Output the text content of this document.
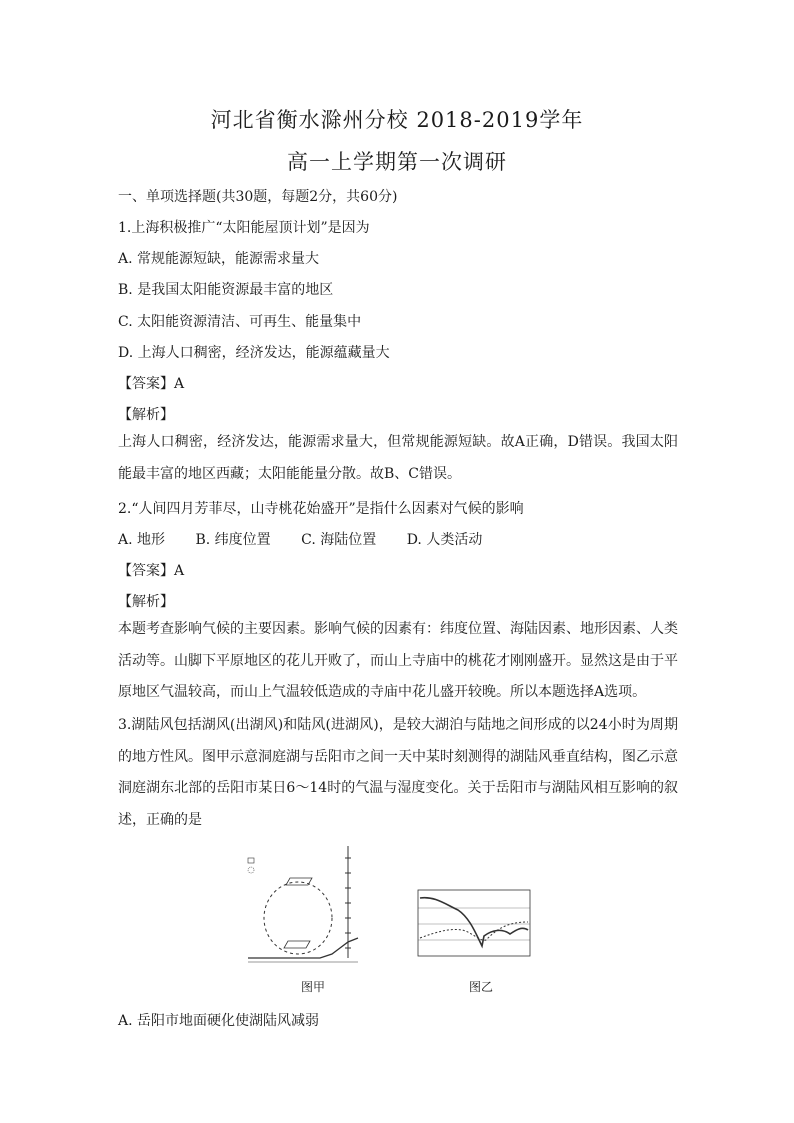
河北省衡水滁州分校 2018-2019学年
高一上学期第一次调研
一、单项选择题(共30题，每题2分，共60分)
1.上海积极推广“太阳能屋顶计划”是因为
A. 常规能源短缺，能源需求量大
B. 是我国太阳能资源最丰富的地区
C. 太阳能资源清洁、可再生、能量集中
D. 上海人口稠密，经济发达，能源蕴藏量大
【答案】A
【解析】
上海人口稠密，经济发达，能源需求量大，但常规能源短缺。故A正确，D错误。我国太阳能最丰富的地区西藏；太阳能能量分散。故B、C错误。
2.“人间四月芳菲尽，山寺桃花始盛开”是指什么因素对气候的影响
A. 地形 B. 纬度位置 C. 海陆位置 D. 人类活动
【答案】A
【解析】
本题考查影响气候的主要因素。影响气候的因素有：纬度位置、海陆因素、地形因素、人类活动等。山脚下平原地区的花儿开败了，而山上寺庙中的桃花才刚刚盛开。显然这是由于平原地区气温较高，而山上气温较低造成的寺庙中花儿盛开较晚。所以本题选择A选项。
3.湖陆风包括湖风(出湖风)和陆风(进湖风)，是较大湖泊与陆地之间形成的以24小时为周期的地方性风。图甲示意洞庭湖与岳阳市之间一天中某时刻测得的湖陆风垂直结构，图乙示意洞庭湖东北部的岳阳市某日6～14时的气温与湿度变化。关于岳阳市与湖陆风相互影响的叙述，正确的是
图甲	图乙
A. 岳阳市地面硬化使湖陆风减弱
